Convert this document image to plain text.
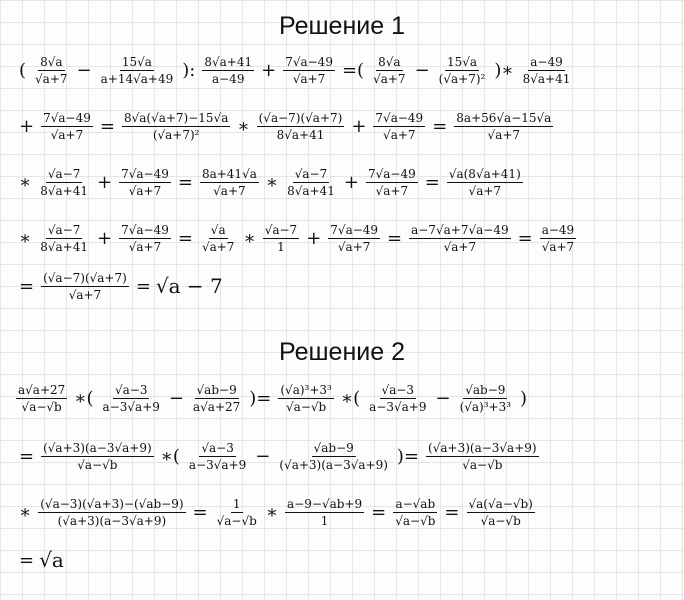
Решение 1
( $\frac{8√a}{√a+7} - \frac{15√a}{a+14√a+49}$ ): $\frac{8√a+41}{a-49} + \frac{7√a-49}{√a+7}$ =( $\frac{8√a}{√a+7} - \frac{15√a}{\text{(√a+7)²}}$ )∗ $\frac{a-49}{8√a+41}$
+ $\frac{7√a-49}{√a+7} = \frac{8√a(√a+7)-15√a}{\text{(√a+7)²}}$ ∗ $\frac{(√a-7)(√a+7)}{8√a+41} + \frac{7√a-49}{√a+7} = \frac{8a+56√a-15√a}{√a+7}$
∗ $\frac{√a-7}{8√a+41} + \frac{7√a-49}{√a+7} = \frac{8a+41√a}{√a+7}$ ∗ $\frac{√a-7}{8√a+41} + \frac{7√a-49}{√a+7} = \frac{√a(8√a+41)}{√a+7}$
∗ $\frac{√a-7}{8√a+41} + \frac{7√a-49}{√a+7} = \frac{√a}{√a+7}$ ∗ $\frac{√a-7}{1} + \frac{7√a-49}{√a+7} = \frac{a-7√a+7√a-49}{√a+7} = \frac{a-49}{√a+7}$
= $\frac{(√a-7)(√a+7)}{√a+7} = √a - 7$
Решение 2
$\frac{a√a+27}{√a-√b}$ ∗( $\frac{√a-3}{a-3√a+9} - \frac{√ab-9}{a√a+27}$ )= $\frac{\text{(√a)³+3³}}{√a-√b}$ ∗( $\frac{√a-3}{a-3√a+9} - \frac{√ab-9}{\text{(√a)³+3³}}$ )
= $\frac{(√a+3)(a-3√a+9)}{√a-√b}$ ∗( $\frac{√a-3}{a-3√a+9} - \frac{√ab-9}{(√a+3)(a-3√a+9)}$ )= $\frac{(√a+3)(a-3√a+9)}{√a-√b}$
∗ $\frac{(√a-3)(√a+3)-(√ab-9)}{(√a+3)(a-3√a+9)} = \frac{1}{√a-√b}$ ∗ $\frac{a-9-√ab+9}{1} = \frac{a-√ab}{√a-√b} = \frac{√a(√a-√b)}{√a-√b}$
= √a
